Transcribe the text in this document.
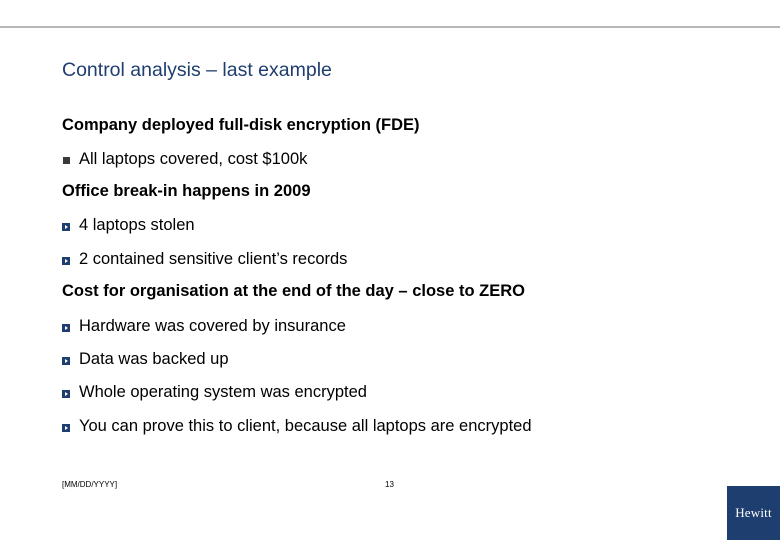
Control analysis – last example
Company deployed full-disk encryption (FDE)
All laptops covered, cost $100k
Office break-in happens in 2009
4 laptops stolen
2 contained sensitive client’s records
Cost for organisation at the end of the day – close to ZERO
Hardware was covered by insurance
Data was backed up
Whole operating system was encrypted
You can prove this to client, because all laptops are encrypted
[MM/DD/YYYY]	13
Hewitt
